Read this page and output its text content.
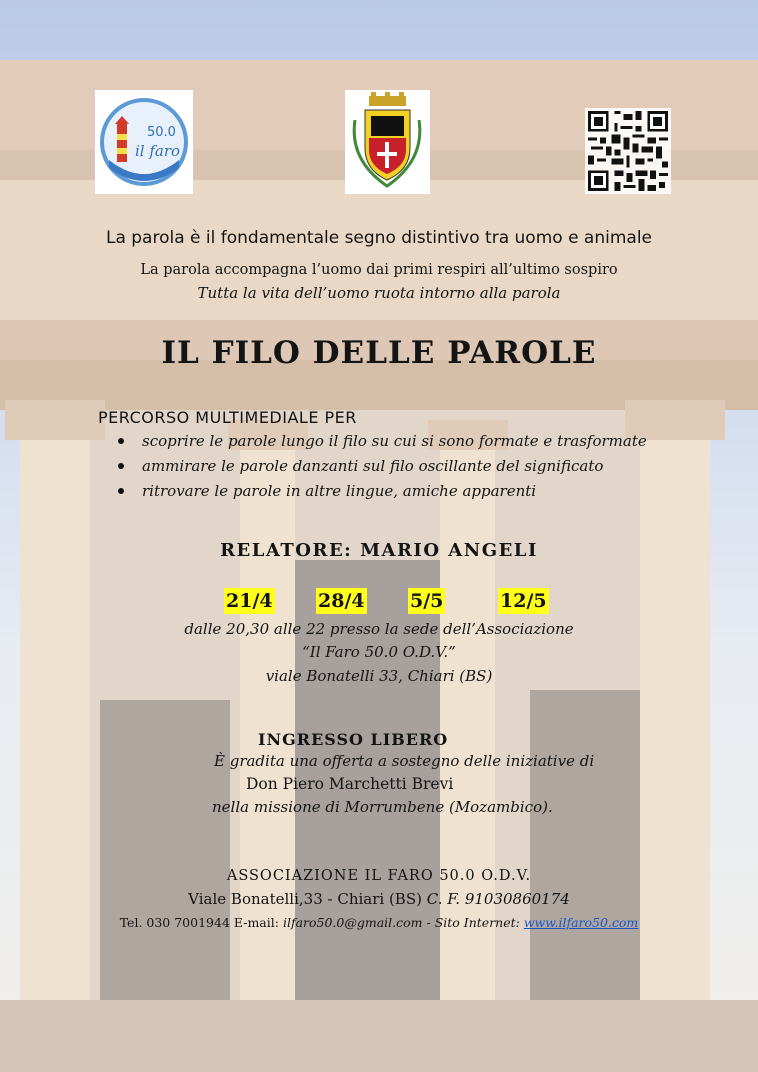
50.0
il faro
odv
La parola è il fondamentale segno distintivo tra uomo e animale
La parola accompagna l’uomo dai primi respiri all’ultimo sospiro
Tutta la vita dell’uomo ruota intorno alla parola
IL FILO DELLE PAROLE
PERCORSO MULTIMEDIALE PER
scoprire le parole lungo il filo su cui si sono formate e trasformate
ammirare le parole danzanti sul filo oscillante del significato
ritrovare le parole in altre lingue, amiche apparenti
RELATORE: MARIO ANGELI
21/4 28/4 5/5	12/5
dalle 20,30 alle 22 presso la sede dell’Associazione
“Il Faro 50.0 O.D.V.”
viale Bonatelli 33, Chiari (BS)
INGRESSO LIBERO
È gradita una offerta a sostegno delle iniziative di
Don Piero Marchetti Brevi
nella missione di Morrumbene (Mozambico).
ASSOCIAZIONE IL FARO 50.0 O.D.V.
Viale Bonatelli,33 - Chiari (BS) C. F. 91030860174
Tel. 030 7001944 E-mail: ilfaro50.0@gmail.com - Sito Internet: www.ilfaro50.com
